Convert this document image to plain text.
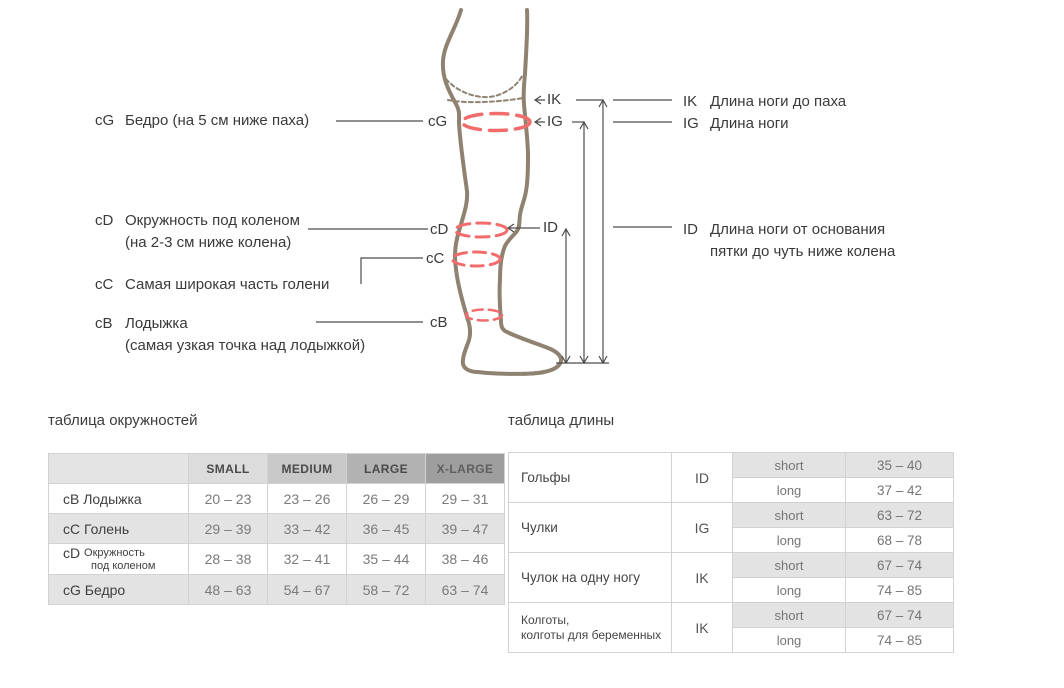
cG Бедро (на 5 см ниже паха)
cD Окружность под коленом
(на 2-3 см ниже колена)
cC Самая широкая часть голени
cB Лодыжка
(самая узкая точка над лодыжкой)
cG
cD
cC
cB
IK
IG
ID
IK Длина ноги до паха
IG Длина ноги
ID Длина ноги от основания
пятки до чуть ниже колена
таблица окружностей
	SMALL	MEDIUM	LARGE	X-LARGE
cB Лодыжка	20 – 23	23 – 26	26 – 29	29 – 31
cC Голень	29 – 39	33 – 42	36 – 45	39 – 47
cD Окружность
под коленом	28 – 38	32 – 41	35 – 44	38 – 46
cG Бедро	48 – 63	54 – 67	58 – 72	63 – 74
таблица длины
Гольфы	ID	short	35 – 40
		long	37 – 42
Чулки	IG	short	63 – 72
		long	68 – 78
Чулок на одну ногу	IK	short	67 – 74
		long	74 – 85
Колготы,
колготы для беременных	IK	short	67 – 74
		long	74 – 85
